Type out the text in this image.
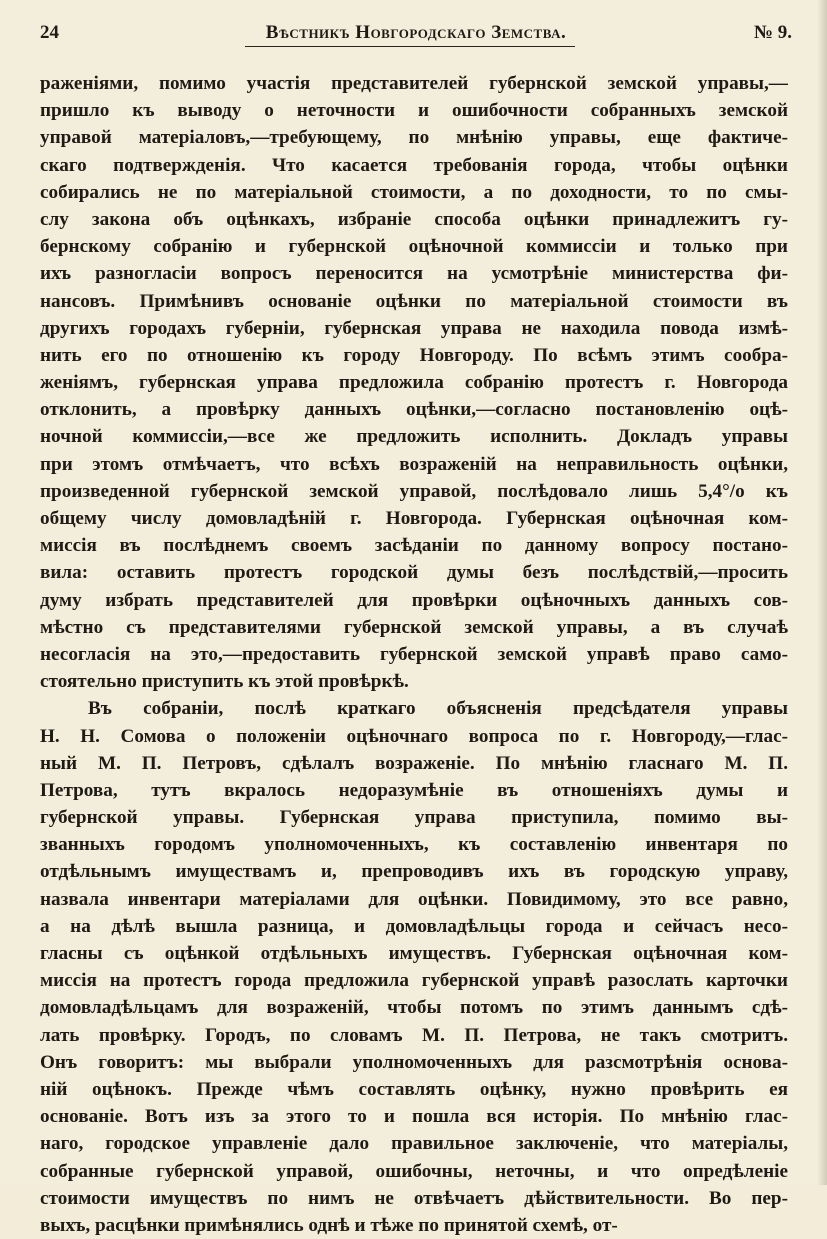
24	Вѣстникъ Новгородскаго Земства.	№ 9.
раженіями, помимо участія представителей губернской земской управы,—
пришло къ выводу о неточности и ошибочности собранныхъ земской
управой матеріаловъ,—требующему, по мнѣнію управы, еще фактиче-
скаго подтвержденія. Что касается требованія города, чтобы оцѣнки
собирались не по матеріальной стоимости, а по доходности, то по смы-
слу закона объ оцѣнкахъ, избраніе способа оцѣнки принадлежитъ гу-
бернскому собранію и губернской оцѣночной коммиссіи и только при
ихъ разногласіи вопросъ переносится на усмотрѣніе министерства фи-
нансовъ. Примѣнивъ основаніе оцѣнки по матеріальной стоимости въ
другихъ городахъ губерніи, губернская управа не находила повода измѣ-
нить его по отношенію къ городу Новгороду. По всѣмъ этимъ сообра-
женіямъ, губернская управа предложила собранію протестъ г. Новгорода
отклонить, а провѣрку данныхъ оцѣнки,—согласно постановленію оцѣ-
ночной коммиссіи,—все же предложить исполнить. Докладъ управы
при этомъ отмѣчаетъ, что всѣхъ возраженій на неправильность оцѣнки,
произведенной губернской земской управой, послѣдовало лишь 5,4°/о къ
общему числу домовладѣній г. Новгорода. Губернская оцѣночная ком-
миссія въ послѣднемъ своемъ засѣданіи по данному вопросу постано-
вила: оставить протестъ городской думы безъ послѣдствій,—просить
думу избрать представителей для провѣрки оцѣночныхъ данныхъ сов-
мѣстно съ представителями губернской земской управы, а въ случаѣ
несогласія на это,—предоставить губернской земской управѣ право само-
стоятельно приступить къ этой провѣркѣ.
Въ собраніи, послѣ краткаго объясненія предсѣдателя управы
Н. Н. Сомова о положеніи оцѣночнаго вопроса по г. Новгороду,—глас-
ный М. П. Петровъ, сдѣлалъ возраженіе. По мнѣнію гласнаго М. П.
Петрова, тутъ вкралось недоразумѣніе въ отношеніяхъ думы и
губернской управы. Губернская управа приступила, помимо вы-
званныхъ городомъ уполномоченныхъ, къ составленію инвентаря по
отдѣльнымъ имуществамъ и, препроводивъ ихъ въ городскую управу,
назвала инвентари матеріалами для оцѣнки. Повидимому, это все равно,
а на дѣлѣ вышла разница, и домовладѣльцы города и сейчасъ несо-
гласны съ оцѣнкой отдѣльныхъ имуществъ. Губернская оцѣночная ком-
миссія на протестъ города предложила губернской управѣ разослать карточки
домовладѣльцамъ для возраженій, чтобы потомъ по этимъ даннымъ сдѣ-
лать провѣрку. Городъ, по словамъ М. П. Петрова, не такъ смотритъ.
Онъ говоритъ: мы выбрали уполномоченныхъ для разсмотрѣнія основа-
ній оцѣнокъ. Прежде чѣмъ составлять оцѣнку, нужно провѣрить ея
основаніе. Вотъ изъ за этого то и пошла вся исторія. По мнѣнію глас-
наго, городское управленіе дало правильное заключеніе, что матеріалы,
собранные губернской управой, ошибочны, неточны, и что опредѣленіе
стоимости имуществъ по нимъ не отвѣчаетъ дѣйствительности. Во пер-
выхъ, расцѣнки примѣнялись однѣ и тѣже по принятой схемѣ, от-
